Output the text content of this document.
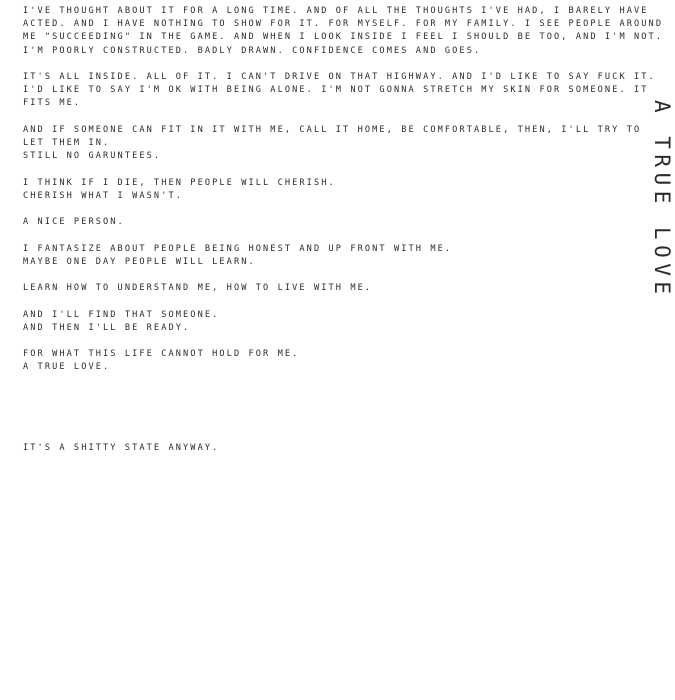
I'VE THOUGHT ABOUT IT FOR A LONG TIME. AND OF ALL THE THOUGHTS I'VE HAD, I BARELY HAVE ACTED. AND I HAVE NOTHING TO SHOW FOR IT. FOR MYSELF. FOR MY FAMILY. I SEE PEOPLE AROUND ME "SUCCEEDING" IN THE GAME. AND WHEN I LOOK INSIDE I FEEL I SHOULD BE TOO, AND I'M NOT. I'M POORLY CONSTRUCTED. BADLY DRAWN. CONFIDENCE COMES AND GOES.

IT'S ALL INSIDE. ALL OF IT. I CAN'T DRIVE ON THAT HIGHWAY. AND I'D LIKE TO SAY FUCK IT. I'D LIKE TO SAY I'M OK WITH BEING ALONE. I'M NOT GONNA STRETCH MY SKIN FOR SOMEONE. IT FITS ME.

AND IF SOMEONE CAN FIT IN IT WITH ME, CALL IT HOME, BE COMFORTABLE, THEN, I'LL TRY TO LET THEM IN.
STILL NO GARUNTEES.

I THINK IF I DIE, THEN PEOPLE WILL CHERISH.
CHERISH WHAT I WASN'T.

A NICE PERSON.

I FANTASIZE ABOUT PEOPLE BEING HONEST AND UP FRONT WITH ME.
MAYBE ONE DAY PEOPLE WILL LEARN.

LEARN HOW TO UNDERSTAND ME, HOW TO LIVE WITH ME.

AND I'LL FIND THAT SOMEONE.
AND THEN I'LL BE READY.

FOR WHAT THIS LIFE CANNOT HOLD FOR ME.
A TRUE LOVE.

IT'S A SHITTY STATE ANYWAY.

A TRUE LOVE
